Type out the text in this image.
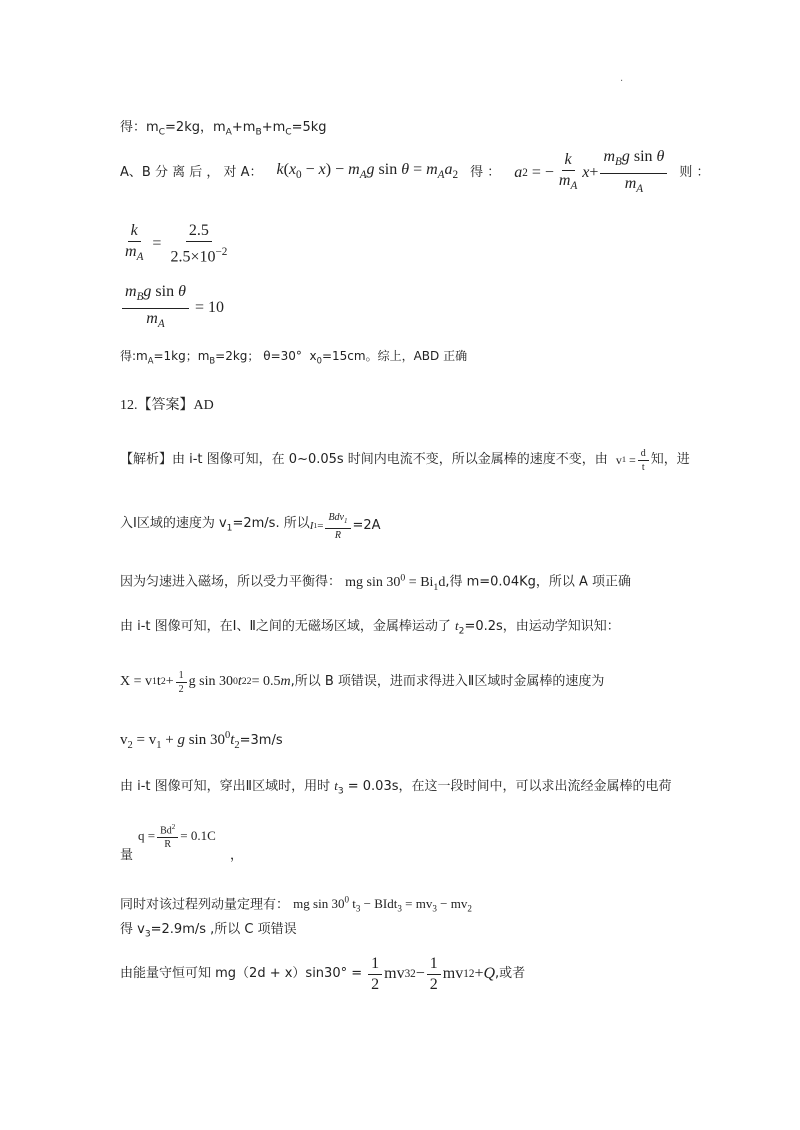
·
得：$m_C=2kg$，$m_A+m_B+m_C=5kg$
A、B 分 离 后 ， 对 A： $k(x_0 - x) - m_Ag$ $\sin \theta = m_Aa_2$ 得 ： a 2 = − $\frac{k}{m_A}$ $x + \frac{m_Bg \sin \theta}{m_A}$ 则 ：
$\frac{k}{m_A} = \frac{2.5}{2.5\times 10^{-2}}$
$\frac{m_Bg \sin \theta}{m_A} = 10$
得$:m_A=1kg$；$m_B=2kg$； θ=30°  $x_0=15cm$。综上，ABD 正确
12.【答案】AD
【解析】由 i-t 图像可知，在 0~0.05s 时间内电流不变，所以金属棒的速度不变，由 v $1 = \frac{d}{t}$ 知，进
入Ⅰ区域的速度为 $v_1=2m/s$. 所以 I $1 = \frac{Bdv_1}{R} =2A$
因为匀速进入磁场，所以受力平衡得： mg $\sin 30^0 = Bi_1d$,得 m=0.04Kg，所以 A 项正确
由 i-t 图像可知，在Ⅰ、Ⅱ之间的无磁场区域，金属棒运动了 $t_2=0.2s$，由运动学知识知：
X = v 1 t $2 + \frac{1}{2}$ g sin 30 0 t 2 2 = 0.5 m ,所以 B 项错误，进而求得进入Ⅱ区域时金属棒的速度为
$v_2 = v_1 + g$ $\sin 30^0t_2=3m/s$
由 i-t 图像可知，穿出Ⅱ区域时，用时 $t_3 = 0.03s$，在这一段时间中，可以求出流经金属棒的电荷
量
$q = \frac{Bd^2}{R} = 0.1C$
，
同时对该过程列动量定理有： mg $\sin 30^0$ $t_3$ − BIdt$_3$ = $mv_3 - mv_2$
得 $v_3=2.9m/s$ ,所以 C 项错误
由能量守恒可知 $mg(2d + x)\sin 30^\circ = \frac{1}{2}$ mv 3 $2 - \frac{1}{2}$ mv 1 2 + Q ,或者
